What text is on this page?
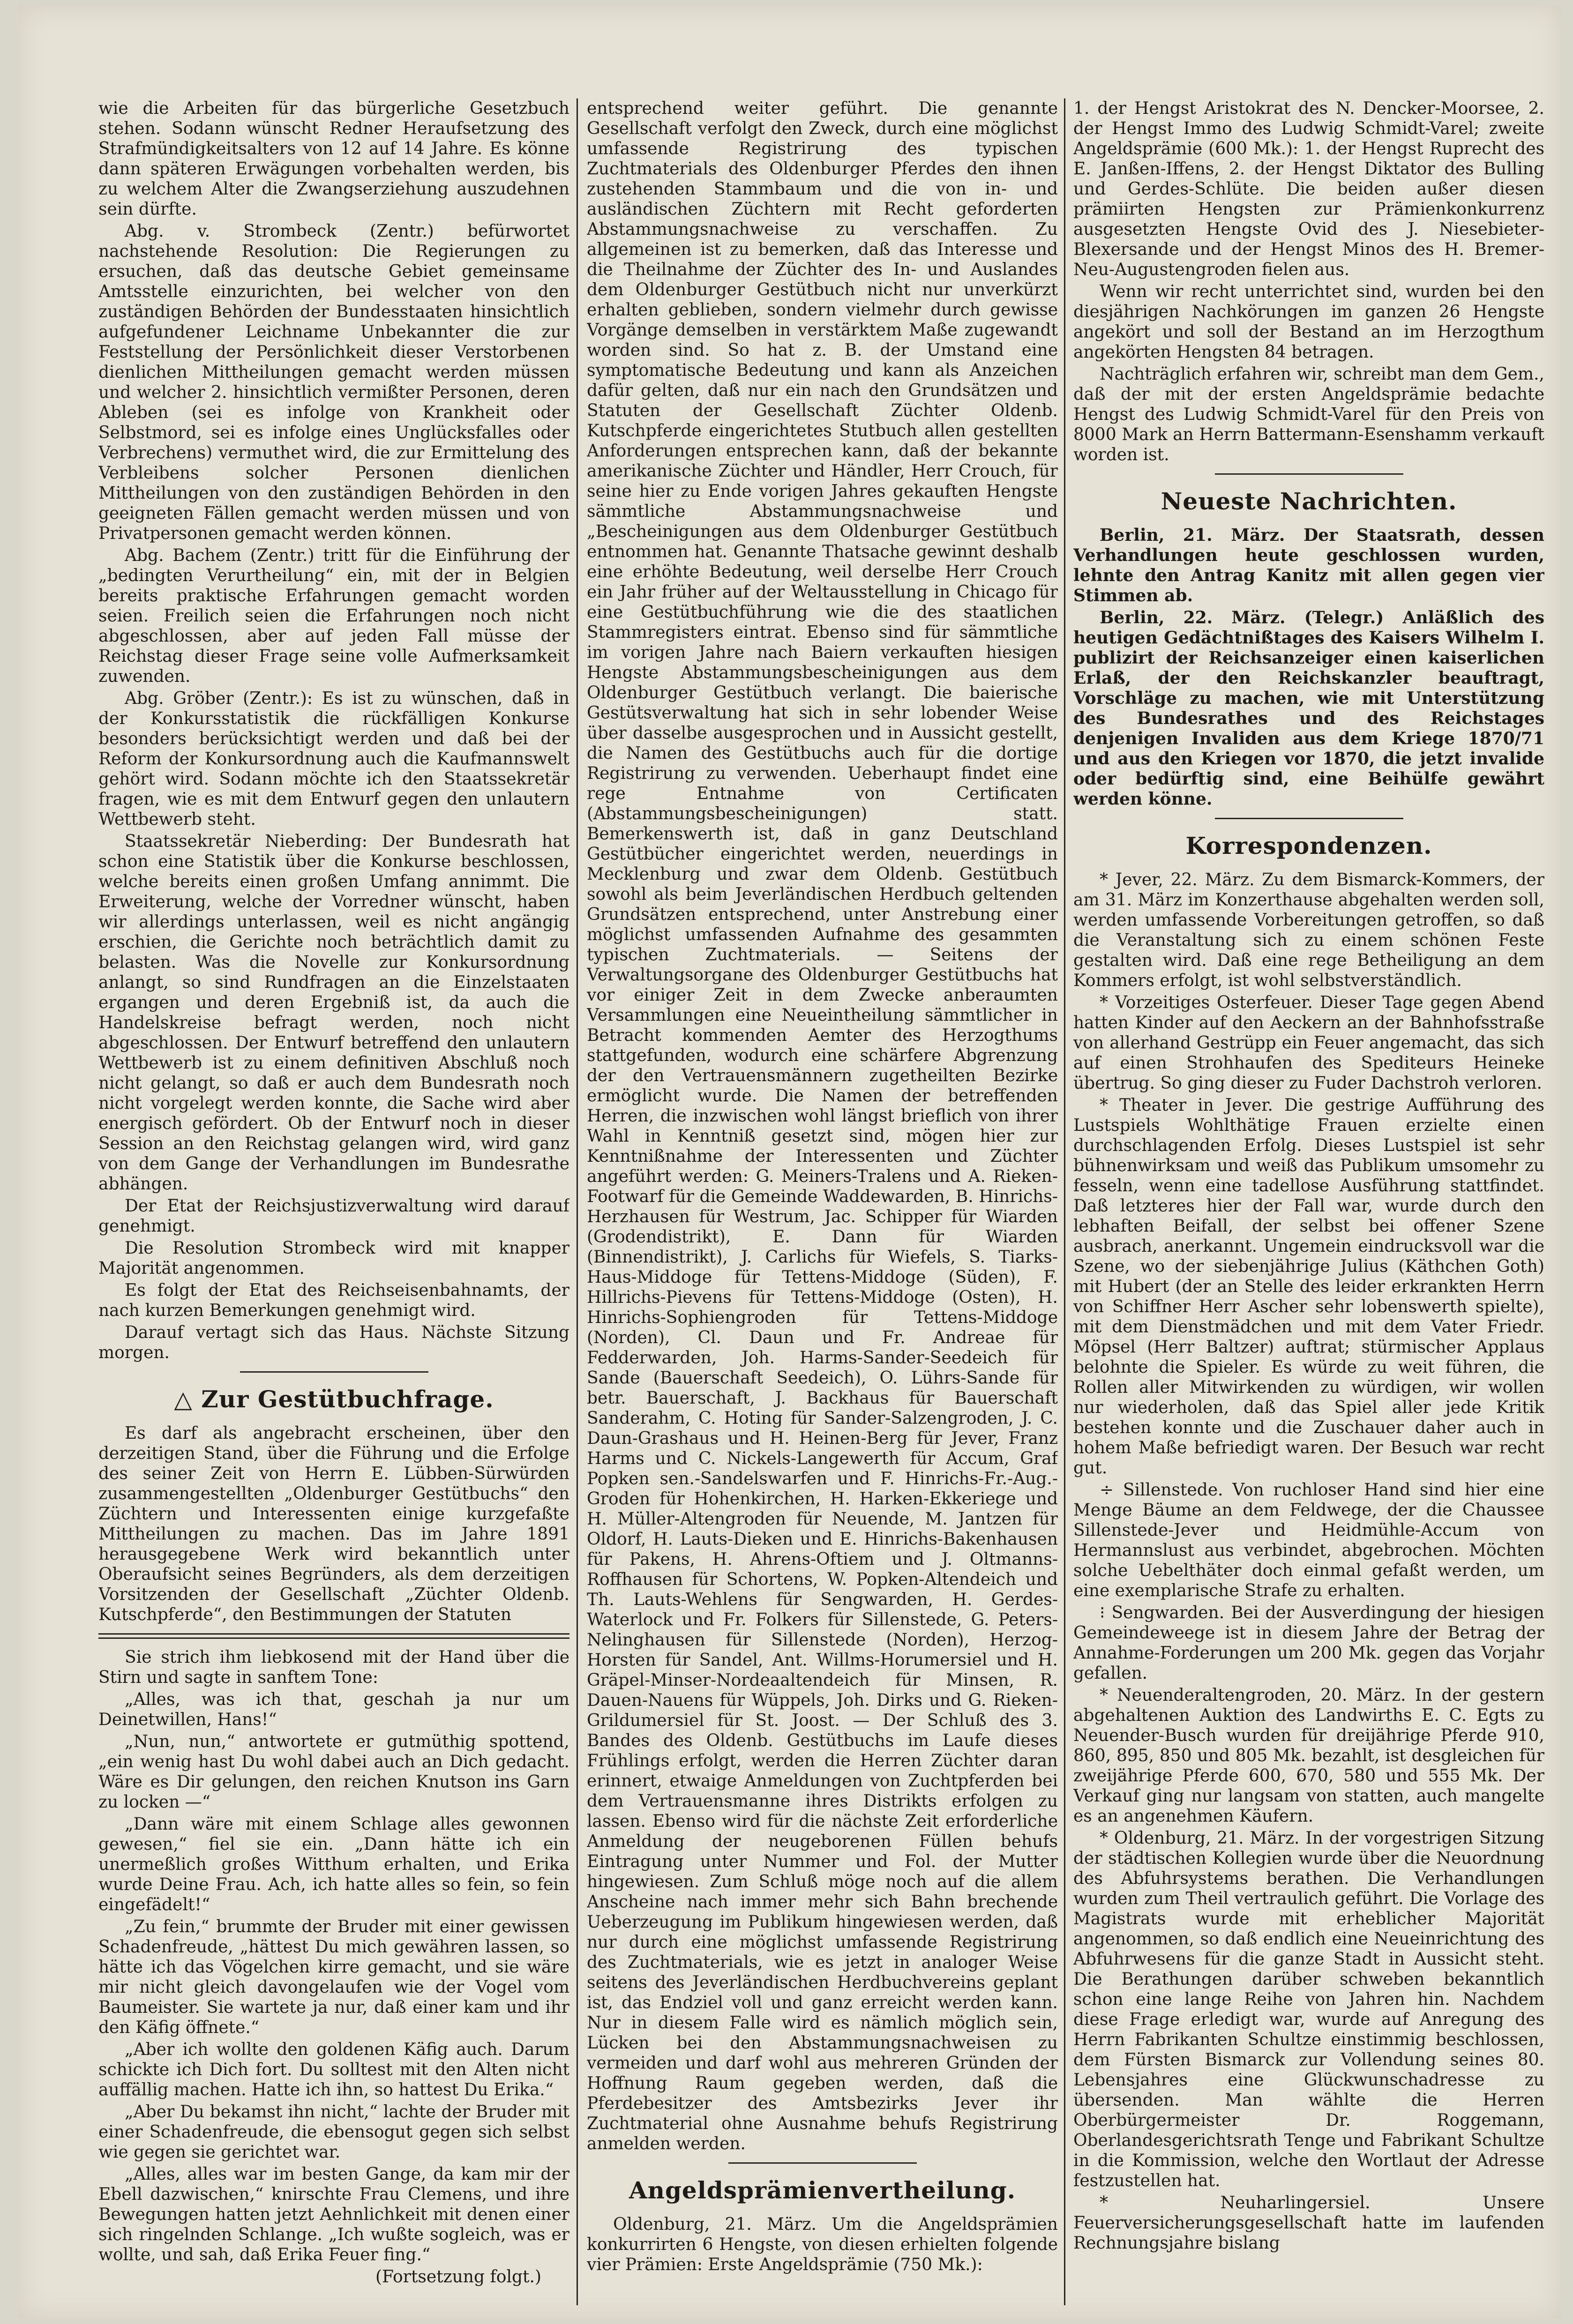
wie die Arbeiten für das bürgerliche Gesetzbuch stehen. Sodann wünscht Redner Heraufsetzung des Strafmündigkeitsalters von 12 auf 14 Jahre. Es könne dann späteren Erwägungen vorbehalten werden, bis zu welchem Alter die Zwangserziehung auszudehnen sein dürfte.

Abg. v. Strombeck (Zentr.) befürwortet nachstehende Resolution: Die Regierungen zu ersuchen, daß das deutsche Gebiet gemeinsame Amtsstelle einzurichten, bei welcher von den zuständigen Behörden der Bundesstaaten hinsichtlich aufgefundener Leichname Unbekannter die zur Feststellung der Persönlichkeit dieser Verstorbenen dienlichen Mittheilungen gemacht werden müssen und welcher 2. hinsichtlich vermißter Personen, deren Ableben (sei es infolge von Krankheit oder Selbstmord, sei es infolge eines Unglücksfalles oder Verbrechens) vermuthet wird, die zur Ermittelung des Verbleibens solcher Personen dienlichen Mittheilungen von den zuständigen Behörden in den geeigneten Fällen gemacht werden müssen und von Privatpersonen gemacht werden können.

Abg. Bachem (Zentr.) tritt für die Einführung der „bedingten Verurtheilung“ ein, mit der in Belgien bereits praktische Erfahrungen gemacht worden seien. Freilich seien die Erfahrungen noch nicht abgeschlossen, aber auf jeden Fall müsse der Reichstag dieser Frage seine volle Aufmerksamkeit zuwenden.

Abg. Gröber (Zentr.): Es ist zu wünschen, daß in der Konkursstatistik die rückfälligen Konkurse besonders berücksichtigt werden und daß bei der Reform der Konkursordnung auch die Kaufmannswelt gehört wird. Sodann möchte ich den Staatssekretär fragen, wie es mit dem Entwurf gegen den unlautern Wettbewerb steht.

Staatssekretär Nieberding: Der Bundesrath hat schon eine Statistik über die Konkurse beschlossen, welche bereits einen großen Umfang annimmt. Die Erweiterung, welche der Vorredner wünscht, haben wir allerdings unterlassen, weil es nicht angängig erschien, die Gerichte noch beträchtlich damit zu belasten. Was die Novelle zur Konkursordnung anlangt, so sind Rundfragen an die Einzelstaaten ergangen und deren Ergebniß ist, da auch die Handelskreise befragt werden, noch nicht abgeschlossen. Der Entwurf betreffend den unlautern Wettbewerb ist zu einem definitiven Abschluß noch nicht gelangt, so daß er auch dem Bundesrath noch nicht vorgelegt werden konnte, die Sache wird aber energisch gefördert. Ob der Entwurf noch in dieser Session an den Reichstag gelangen wird, wird ganz von dem Gange der Verhandlungen im Bundesrathe abhängen.

Der Etat der Reichsjustizverwaltung wird darauf genehmigt.

Die Resolution Strombeck wird mit knapper Majorität angenommen.

Es folgt der Etat des Reichseisenbahnamts, der nach kurzen Bemerkungen genehmigt wird.

Darauf vertagt sich das Haus. Nächste Sitzung morgen.

△ Zur Gestütbuchfrage.

Es darf als angebracht erscheinen, über den derzeitigen Stand, über die Führung und die Erfolge des seiner Zeit von Herrn E. Lübben-Sürwürden zusammengestellten „Oldenburger Gestütbuchs“ den Züchtern und Interessenten einige kurzgefaßte Mittheilungen zu machen. Das im Jahre 1891 herausgegebene Werk wird bekanntlich unter Oberaufsicht seines Begründers, als dem derzeitigen Vorsitzenden der Gesellschaft „Züchter Oldenb. Kutschpferde“, den Bestimmungen der Statuten

Sie strich ihm liebkosend mit der Hand über die Stirn und sagte in sanftem Tone:

„Alles, was ich that, geschah ja nur um Deinetwillen, Hans!“

„Nun, nun,“ antwortete er gutmüthig spottend, „ein wenig hast Du wohl dabei auch an Dich gedacht. Wäre es Dir gelungen, den reichen Knutson ins Garn zu locken —“

„Dann wäre mit einem Schlage alles gewonnen gewesen,“ fiel sie ein. „Dann hätte ich ein unermeßlich großes Witthum erhalten, und Erika wurde Deine Frau. Ach, ich hatte alles so fein, so fein eingefädelt!“

„Zu fein,“ brummte der Bruder mit einer gewissen Schadenfreude, „hättest Du mich gewähren lassen, so hätte ich das Vögelchen kirre gemacht, und sie wäre mir nicht gleich davongelaufen wie der Vogel vom Baumeister. Sie wartete ja nur, daß einer kam und ihr den Käfig öffnete.“

„Aber ich wollte den goldenen Käfig auch. Darum schickte ich Dich fort. Du solltest mit den Alten nicht auffällig machen. Hatte ich ihn, so hattest Du Erika.“

„Aber Du bekamst ihn nicht,“ lachte der Bruder mit einer Schadenfreude, die ebensogut gegen sich selbst wie gegen sie gerichtet war.

„Alles, alles war im besten Gange, da kam mir der Ebell dazwischen,“ knirschte Frau Clemens, und ihre Bewegungen hatten jetzt Aehnlichkeit mit denen einer sich ringelnden Schlange. „Ich wußte sogleich, was er wollte, und sah, daß Erika Feuer fing.“

(Fortsetzung folgt.)

entsprechend weiter geführt. Die genannte Gesellschaft verfolgt den Zweck, durch eine möglichst umfassende Registrirung des typischen Zuchtmaterials des Oldenburger Pferdes den ihnen zustehenden Stammbaum und die von in- und ausländischen Züchtern mit Recht geforderten Abstammungsnachweise zu verschaffen. Zu allgemeinen ist zu bemerken, daß das Interesse und die Theilnahme der Züchter des In- und Auslandes dem Oldenburger Gestütbuch nicht nur unverkürzt erhalten geblieben, sondern vielmehr durch gewisse Vorgänge demselben in verstärktem Maße zugewandt worden sind. So hat z. B. der Umstand eine symptomatische Bedeutung und kann als Anzeichen dafür gelten, daß nur ein nach den Grundsätzen und Statuten der Gesellschaft Züchter Oldenb. Kutschpferde eingerichtetes Stutbuch allen gestellten Anforderungen entsprechen kann, daß der bekannte amerikanische Züchter und Händler, Herr Crouch, für seine hier zu Ende vorigen Jahres gekauften Hengste sämmtliche Abstammungsnachweise und „Bescheinigungen aus dem Oldenburger Gestütbuch entnommen hat. Genannte Thatsache gewinnt deshalb eine erhöhte Bedeutung, weil derselbe Herr Crouch ein Jahr früher auf der Weltausstellung in Chicago für eine Gestütbuchführung wie die des staatlichen Stammregisters eintrat. Ebenso sind für sämmtliche im vorigen Jahre nach Baiern verkauften hiesigen Hengste Abstammungsbescheinigungen aus dem Oldenburger Gestütbuch verlangt. Die baierische Gestütsverwaltung hat sich in sehr lobender Weise über dasselbe ausgesprochen und in Aussicht gestellt, die Namen des Gestütbuchs auch für die dortige Registrirung zu verwenden. Ueberhaupt findet eine rege Entnahme von Certificaten (Abstammungsbescheinigungen) statt. Bemerkenswerth ist, daß in ganz Deutschland Gestütbücher eingerichtet werden, neuerdings in Mecklenburg und zwar dem Oldenb. Gestütbuch sowohl als beim Jeverländischen Herdbuch geltenden Grundsätzen entsprechend, unter Anstrebung einer möglichst umfassenden Aufnahme des gesammten typischen Zuchtmaterials. — Seitens der Verwaltungsorgane des Oldenburger Gestütbuchs hat vor einiger Zeit in dem Zwecke anberaumten Versammlungen eine Neueintheilung sämmtlicher in Betracht kommenden Aemter des Herzogthums stattgefunden, wodurch eine schärfere Abgrenzung der den Vertrauensmännern zugetheilten Bezirke ermöglicht wurde. Die Namen der betreffenden Herren, die inzwischen wohl längst brieflich von ihrer Wahl in Kenntniß gesetzt sind, mögen hier zur Kenntnißnahme der Interessenten und Züchter angeführt werden: G. Meiners-Tralens und A. Rieken-Footwarf für die Gemeinde Waddewarden, B. Hinrichs-Herzhausen für Westrum, Jac. Schipper für Wiarden (Grodendistrikt), E. Dann für Wiarden (Binnendistrikt), J. Carlichs für Wiefels, S. Tiarks-Haus-Middoge für Tettens-Middoge (Süden), F. Hillrichs-Pievens für Tettens-Middoge (Osten), H. Hinrichs-Sophiengroden für Tettens-Middoge (Norden), Cl. Daun und Fr. Andreae für Fedderwarden, Joh. Harms-Sander-Seedeich für Sande (Bauerschaft Seedeich), O. Lührs-Sande für betr. Bauerschaft, J. Backhaus für Bauerschaft Sanderahm, C. Hoting für Sander-Salzengroden, J. C. Daun-Grashaus und H. Heinen-Berg für Jever, Franz Harms und C. Nickels-Langewerth für Accum, Graf Popken sen.-Sandelswarfen und F. Hinrichs-Fr.-Aug.-Groden für Hohenkirchen, H. Harken-Ekkeriege und H. Müller-Altengroden für Neuende, M. Jantzen für Oldorf, H. Lauts-Dieken und E. Hinrichs-Bakenhausen für Pakens, H. Ahrens-Oftiem und J. Oltmanns-Roffhausen für Schortens, W. Popken-Altendeich und Th. Lauts-Wehlens für Sengwarden, H. Gerdes-Waterlock und Fr. Folkers für Sillenstede, G. Peters-Nelinghausen für Sillenstede (Norden), Herzog-Horsten für Sandel, Ant. Willms-Horumersiel und H. Gräpel-Minser-Nordeaaltendeich für Minsen, R. Dauen-Nauens für Wüppels, Joh. Dirks und G. Rieken-Grildumersiel für St. Joost. — Der Schluß des 3. Bandes des Oldenb. Gestütbuchs im Laufe dieses Frühlings erfolgt, werden die Herren Züchter daran erinnert, etwaige Anmeldungen von Zuchtpferden bei dem Vertrauensmanne ihres Distrikts erfolgen zu lassen. Ebenso wird für die nächste Zeit erforderliche Anmeldung der neugeborenen Füllen behufs Eintragung unter Nummer und Fol. der Mutter hingewiesen. Zum Schluß möge noch auf die allem Anscheine nach immer mehr sich Bahn brechende Ueberzeugung im Publikum hingewiesen werden, daß nur durch eine möglichst umfassende Registrirung des Zuchtmaterials, wie es jetzt in analoger Weise seitens des Jeverländischen Herdbuchvereins geplant ist, das Endziel voll und ganz erreicht werden kann. Nur in diesem Falle wird es nämlich möglich sein, Lücken bei den Abstammungsnachweisen zu vermeiden und darf wohl aus mehreren Gründen der Hoffnung Raum gegeben werden, daß die Pferdebesitzer des Amtsbezirks Jever ihr Zuchtmaterial ohne Ausnahme behufs Registrirung anmelden werden.

Angeldsprämienvertheilung.

Oldenburg, 21. März. Um die Angeldsprämien konkurrirten 6 Hengste, von diesen erhielten folgende vier Prämien: Erste Angeldsprämie (750 Mk.):

1. der Hengst Aristokrat des N. Dencker-Moorsee, 2. der Hengst Immo des Ludwig Schmidt-Varel; zweite Angeldsprämie (600 Mk.): 1. der Hengst Ruprecht des E. Janßen-Iffens, 2. der Hengst Diktator des Bulling und Gerdes-Schlüte. Die beiden außer diesen prämiirten Hengsten zur Prämienkonkurrenz ausgesetzten Hengste Ovid des J. Niesebieter-Blexersande und der Hengst Minos des H. Bremer-Neu-Augustengroden fielen aus.

Wenn wir recht unterrichtet sind, wurden bei den diesjährigen Nachkörungen im ganzen 26 Hengste angekört und soll der Bestand an im Herzogthum angekörten Hengsten 84 betragen.

Nachträglich erfahren wir, schreibt man dem Gem., daß der mit der ersten Angeldsprämie bedachte Hengst des Ludwig Schmidt-Varel für den Preis von 8000 Mark an Herrn Battermann-Esenshamm verkauft worden ist.

Neueste Nachrichten.

Berlin, 21. März. Der Staatsrath, dessen Verhandlungen heute geschlossen wurden, lehnte den Antrag Kanitz mit allen gegen vier Stimmen ab.

Berlin, 22. März. (Telegr.) Anläßlich des heutigen Gedächtnißtages des Kaisers Wilhelm I. publizirt der Reichsanzeiger einen kaiserlichen Erlaß, der den Reichskanzler beauftragt, Vorschläge zu machen, wie mit Unterstützung des Bundesrathes und des Reichstages denjenigen Invaliden aus dem Kriege 1870/71 und aus den Kriegen vor 1870, die jetzt invalide oder bedürftig sind, eine Beihülfe gewährt werden könne.

Korrespondenzen.

* Jever, 22. März. Zu dem Bismarck-Kommers, der am 31. März im Konzerthause abgehalten werden soll, werden umfassende Vorbereitungen getroffen, so daß die Veranstaltung sich zu einem schönen Feste gestalten wird. Daß eine rege Betheiligung an dem Kommers erfolgt, ist wohl selbstverständlich.

* Vorzeitiges Osterfeuer. Dieser Tage gegen Abend hatten Kinder auf den Aeckern an der Bahnhofsstraße von allerhand Gestrüpp ein Feuer angemacht, das sich auf einen Strohhaufen des Spediteurs Heineke übertrug. So ging dieser zu Fuder Dachstroh verloren.

* Theater in Jever. Die gestrige Aufführung des Lustspiels Wohlthätige Frauen erzielte einen durchschlagenden Erfolg. Dieses Lustspiel ist sehr bühnenwirksam und weiß das Publikum umsomehr zu fesseln, wenn eine tadellose Ausführung stattfindet. Daß letzteres hier der Fall war, wurde durch den lebhaften Beifall, der selbst bei offener Szene ausbrach, anerkannt. Ungemein eindrucksvoll war die Szene, wo der siebenjährige Julius (Käthchen Goth) mit Hubert (der an Stelle des leider erkrankten Herrn von Schiffner Herr Ascher sehr lobenswerth spielte), mit dem Dienstmädchen und mit dem Vater Friedr. Möpsel (Herr Baltzer) auftrat; stürmischer Applaus belohnte die Spieler. Es würde zu weit führen, die Rollen aller Mitwirkenden zu würdigen, wir wollen nur wiederholen, daß das Spiel aller jede Kritik bestehen konnte und die Zuschauer daher auch in hohem Maße befriedigt waren. Der Besuch war recht gut.

÷ Sillenstede. Von ruchloser Hand sind hier eine Menge Bäume an dem Feldwege, der die Chaussee Sillenstede-Jever und Heidmühle-Accum von Hermannslust aus verbindet, abgebrochen. Möchten solche Uebelthäter doch einmal gefaßt werden, um eine exemplarische Strafe zu erhalten.

⁝ Sengwarden. Bei der Ausverdingung der hiesigen Gemeindeweege ist in diesem Jahre der Betrag der Annahme-Forderungen um 200 Mk. gegen das Vorjahr gefallen.

* Neuenderaltengroden, 20. März. In der gestern abgehaltenen Auktion des Landwirths E. C. Egts zu Neuender-Busch wurden für dreijährige Pferde 910, 860, 895, 850 und 805 Mk. bezahlt, ist desgleichen für zweijährige Pferde 600, 670, 580 und 555 Mk. Der Verkauf ging nur langsam von statten, auch mangelte es an angenehmen Käufern.

* Oldenburg, 21. März. In der vorgestrigen Sitzung der städtischen Kollegien wurde über die Neuordnung des Abfuhrsystems berathen. Die Verhandlungen wurden zum Theil vertraulich geführt. Die Vorlage des Magistrats wurde mit erheblicher Majorität angenommen, so daß endlich eine Neueinrichtung des Abfuhrwesens für die ganze Stadt in Aussicht steht. Die Berathungen darüber schweben bekanntlich schon eine lange Reihe von Jahren hin. Nachdem diese Frage erledigt war, wurde auf Anregung des Herrn Fabrikanten Schultze einstimmig beschlossen, dem Fürsten Bismarck zur Vollendung seines 80. Lebensjahres eine Glückwunschadresse zu übersenden. Man wählte die Herren Oberbürgermeister Dr. Roggemann, Oberlandesgerichtsrath Tenge und Fabrikant Schultze in die Kommission, welche den Wortlaut der Adresse festzustellen hat.

* Neuharlingersiel. Unsere Feuerversicherungsgesellschaft hatte im laufenden Rechnungsjahre bislang
